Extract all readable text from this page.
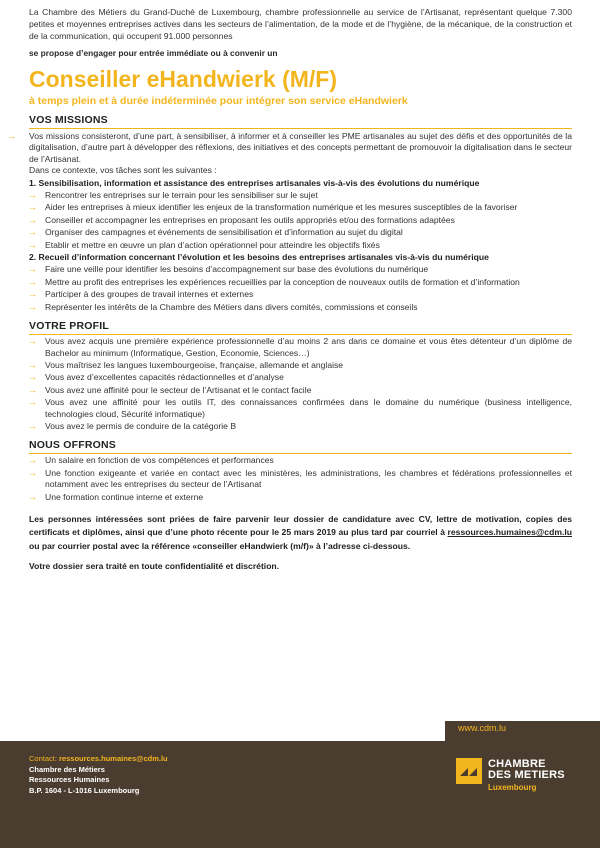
La Chambre des Métiers du Grand-Duché de Luxembourg, chambre professionnelle au service de l’Artisanat, représentant quelque 7.300 petites et moyennes entreprises actives dans les secteurs de l’alimentation, de la mode et de l’hygiène, de la mécanique, de la construction et de la communication, qui occupent 91.000 personnes

se propose d’engager pour entrée immédiate ou à convenir un

Conseiller eHandwierk (M/F)

à temps plein et à durée indéterminée pour intégrer son service eHandwierk

VOS MISSIONS

→ Vos missions consisteront, d’une part, à sensibiliser, à informer et à conseiller les PME artisanales au sujet des défis et des opportunités de la digitalisation, d’autre part à développer des réflexions, des initiatives et des concepts permettant de promouvoir la digitalisation dans le secteur de l’Artisanat.

Dans ce contexte, vos tâches sont les suivantes :

1. Sensibilisation, information et assistance des entreprises artisanales vis-à-vis des évolutions du numérique

→ Rencontrer les entreprises sur le terrain pour les sensibiliser sur le sujet
→ Aider les entreprises à mieux identifier les enjeux de la transformation numérique et les mesures susceptibles de la favoriser
→ Conseiller et accompagner les entreprises en proposant les outils appropriés et/ou des formations adaptées
→ Organiser des campagnes et événements de sensibilisation et d’information au sujet du digital
→ Etablir et mettre en œuvre un plan d’action opérationnel pour atteindre les objectifs fixés

2. Recueil d’information concernant l’évolution et les besoins des entreprises artisanales vis-à-vis du numérique

→ Faire une veille pour identifier les besoins d’accompagnement sur base des évolutions du numérique
→ Mettre au profit des entreprises les expériences recueillies par la conception de nouveaux outils de formation et d’information
→ Participer à des groupes de travail internes et externes
→ Représenter les intérêts de la Chambre des Métiers dans divers comités, commissions et conseils
VOTRE PROFIL
→ Vous avez acquis une première expérience professionnelle d’au moins 2 ans dans ce domaine et vous êtes détenteur d’un diplôme de Bachelor au minimum (Informatique, Gestion, Economie, Sciences…)
→ Vous maîtrisez les langues luxembourgeoise, française, allemande et anglaise
→ Vous avez d’excellentes capacités rédactionnelles et d’analyse
→ Vous avez une affinité pour le secteur de l’Artisanat et le contact facile
→ Vous avez une affinité pour les outils IT, des connaissances confirmées dans le domaine du numérique (business intelligence, technologies cloud, Sécurité informatique)
→ Vous avez le permis de conduire de la catégorie B
NOUS OFFRONS
→ Un salaire en fonction de vos compétences et performances
→ Une fonction exigeante et variée en contact avec les ministères, les administrations, les chambres et fédérations professionnelles et notamment avec les entreprises du secteur de l’Artisanat
→ Une formation continue interne et externe

Les personnes intéressées sont priées de faire parvenir leur dossier de candidature avec CV, lettre de motivation, copies des certificats et diplômes, ainsi que d’une photo récente pour le 25 mars 2019 au plus tard par courriel à ressources.humaines@cdm.lu ou par courrier postal avec la référence «conseiller eHandwierk (m/f)» à l’adresse ci-dessous.

Votre dossier sera traité en toute confidentialité et discrétion.

www.cdm.lu
Contact: ressources.humaines@cdm.lu
Chambre des Métiers
Ressources Humaines
B.P. 1604 - L-1016 Luxembourg
CHAMBRE
DES METIERS
Luxembourg
